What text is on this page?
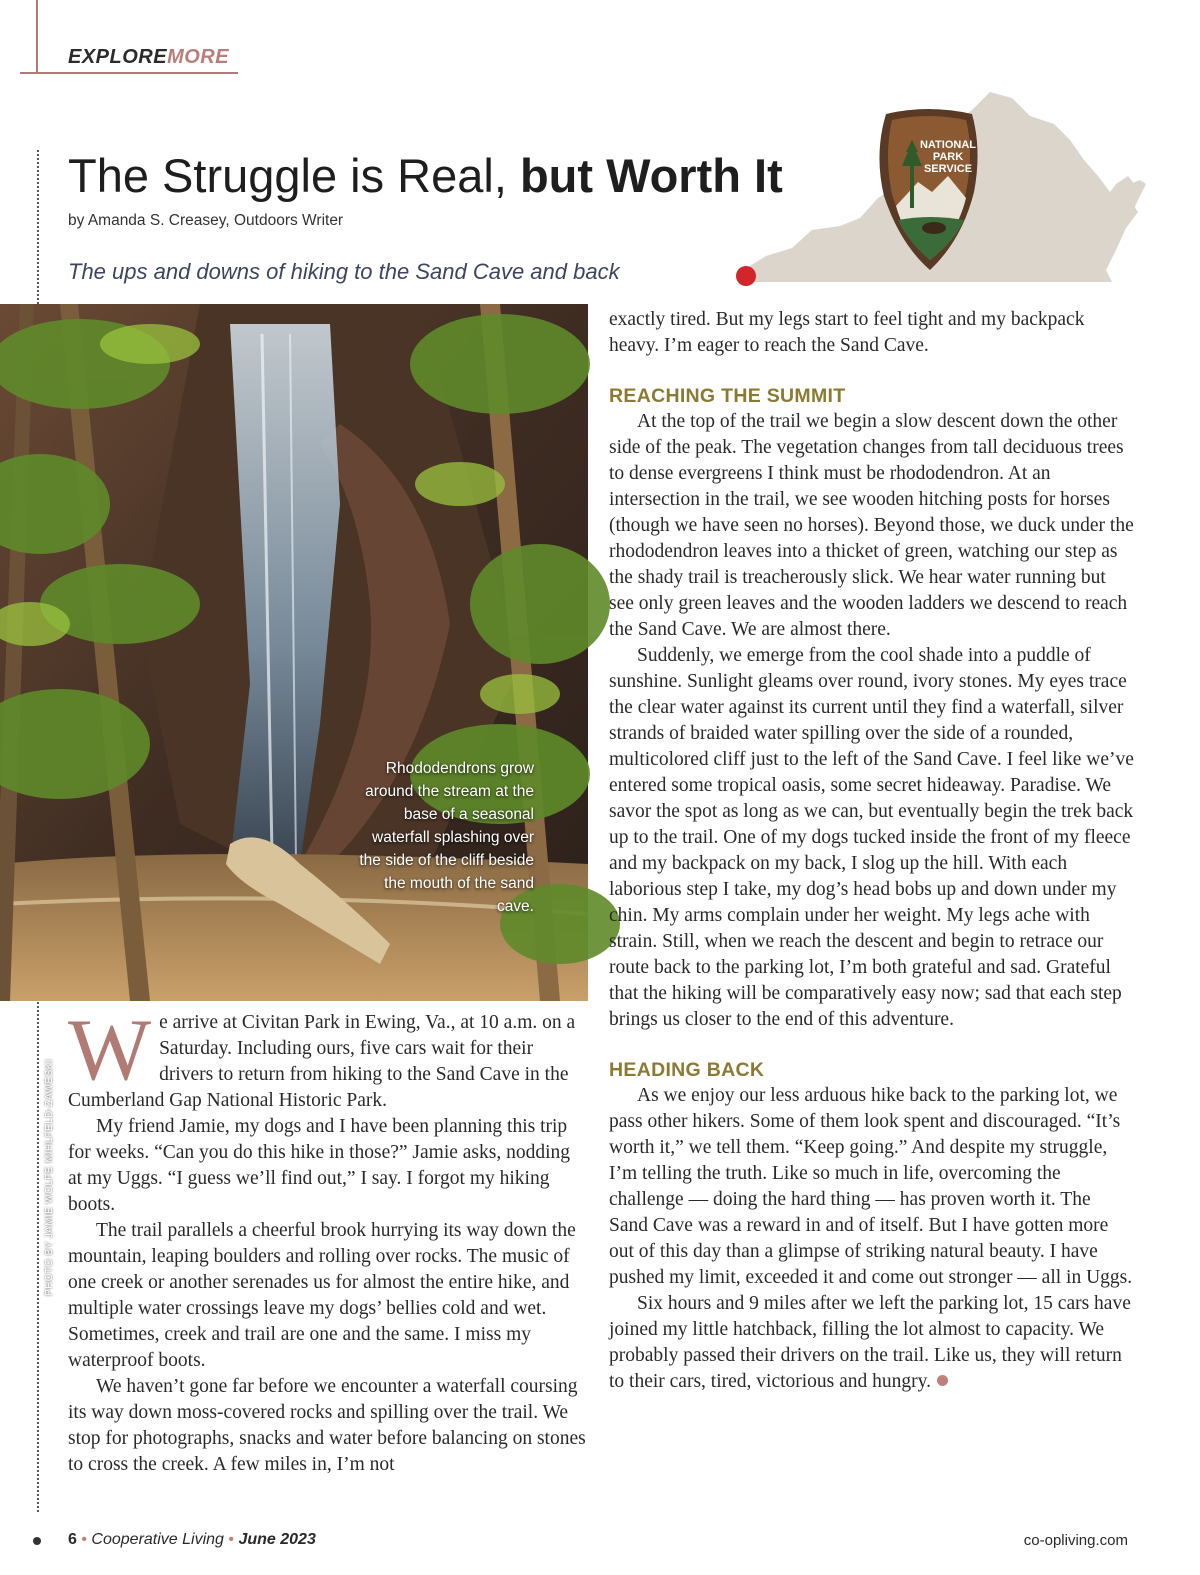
EXPLOREMORE
The Struggle is Real, but Worth It
by Amanda S. Creasey, Outdoors Writer
The ups and downs of hiking to the Sand Cave and back
NATIONAL
PARK
SERVICE
PHOTO BY JAMIE WOLFE MIHLFELD-ZAWESKI
Rhododendrons grow around the stream at the base of a seasonal waterfall splashing over the side of the cliff beside the mouth of the sand cave.

We arrive at Civitan Park in Ewing, Va., at 10 a.m. on a Saturday. Including ours, five cars wait for their drivers to return from hiking to the Sand Cave in the Cumberland Gap National Historic Park.

My friend Jamie, my dogs and I have been planning this trip for weeks. “Can you do this hike in those?” Jamie asks, nodding at my Uggs. “I guess we’ll find out,” I say. I forgot my hiking boots.

The trail parallels a cheerful brook hurrying its way down the mountain, leaping boulders and rolling over rocks. The music of one creek or another serenades us for almost the entire hike, and multiple water crossings leave my dogs’ bellies cold and wet. Sometimes, creek and trail are one and the same. I miss my waterproof boots.

We haven’t gone far before we encounter a waterfall coursing its way down moss-covered rocks and spilling over the trail. We stop for photographs, snacks and water before balancing on stones to cross the creek. A few miles in, I’m not

exactly tired. But my legs start to feel tight and my backpack heavy. I’m eager to reach the Sand Cave.

REACHING THE SUMMIT

At the top of the trail we begin a slow descent down the other side of the peak. The vegetation changes from tall deciduous trees to dense evergreens I think must be rhododendron. At an intersection in the trail, we see wooden hitching posts for horses (though we have seen no horses). Beyond those, we duck under the rhododendron leaves into a thicket of green, watching our step as the shady trail is treacherously slick. We hear water running but see only green leaves and the wooden ladders we descend to reach the Sand Cave. We are almost there.

Suddenly, we emerge from the cool shade into a puddle of sunshine. Sunlight gleams over round, ivory stones. My eyes trace the clear water against its current until they find a waterfall, silver strands of braided water spilling over the side of a rounded, multicolored cliff just to the left of the Sand Cave. I feel like we’ve entered some tropical oasis, some secret hideaway. Paradise. We savor the spot as long as we can, but eventually begin the trek back up to the trail. One of my dogs tucked inside the front of my fleece and my backpack on my back, I slog up the hill. With each laborious step I take, my dog’s head bobs up and down under my chin. My arms complain under her weight. My legs ache with strain. Still, when we reach the descent and begin to retrace our route back to the parking lot, I’m both grateful and sad. Grateful that the hiking will be comparatively easy now; sad that each step brings us closer to the end of this adventure.

HEADING BACK

As we enjoy our less arduous hike back to the parking lot, we pass other hikers. Some of them look spent and discouraged. “It’s worth it,” we tell them. “Keep going.” And despite my struggle, I’m telling the truth. Like so much in life, overcoming the challenge — doing the hard thing — has proven worth it. The Sand Cave was a reward in and of itself. But I have gotten more out of this day than a glimpse of striking natural beauty. I have pushed my limit, exceeded it and come out stronger — all in Uggs.

Six hours and 9 miles after we left the parking lot, 15 cars have joined my little hatchback, filling the lot almost to capacity. We probably passed their drivers on the trail. Like us, they will return to their cars, tired, victorious and hungry.

6 • Cooperative Living • June 2023	co-opliving.com
